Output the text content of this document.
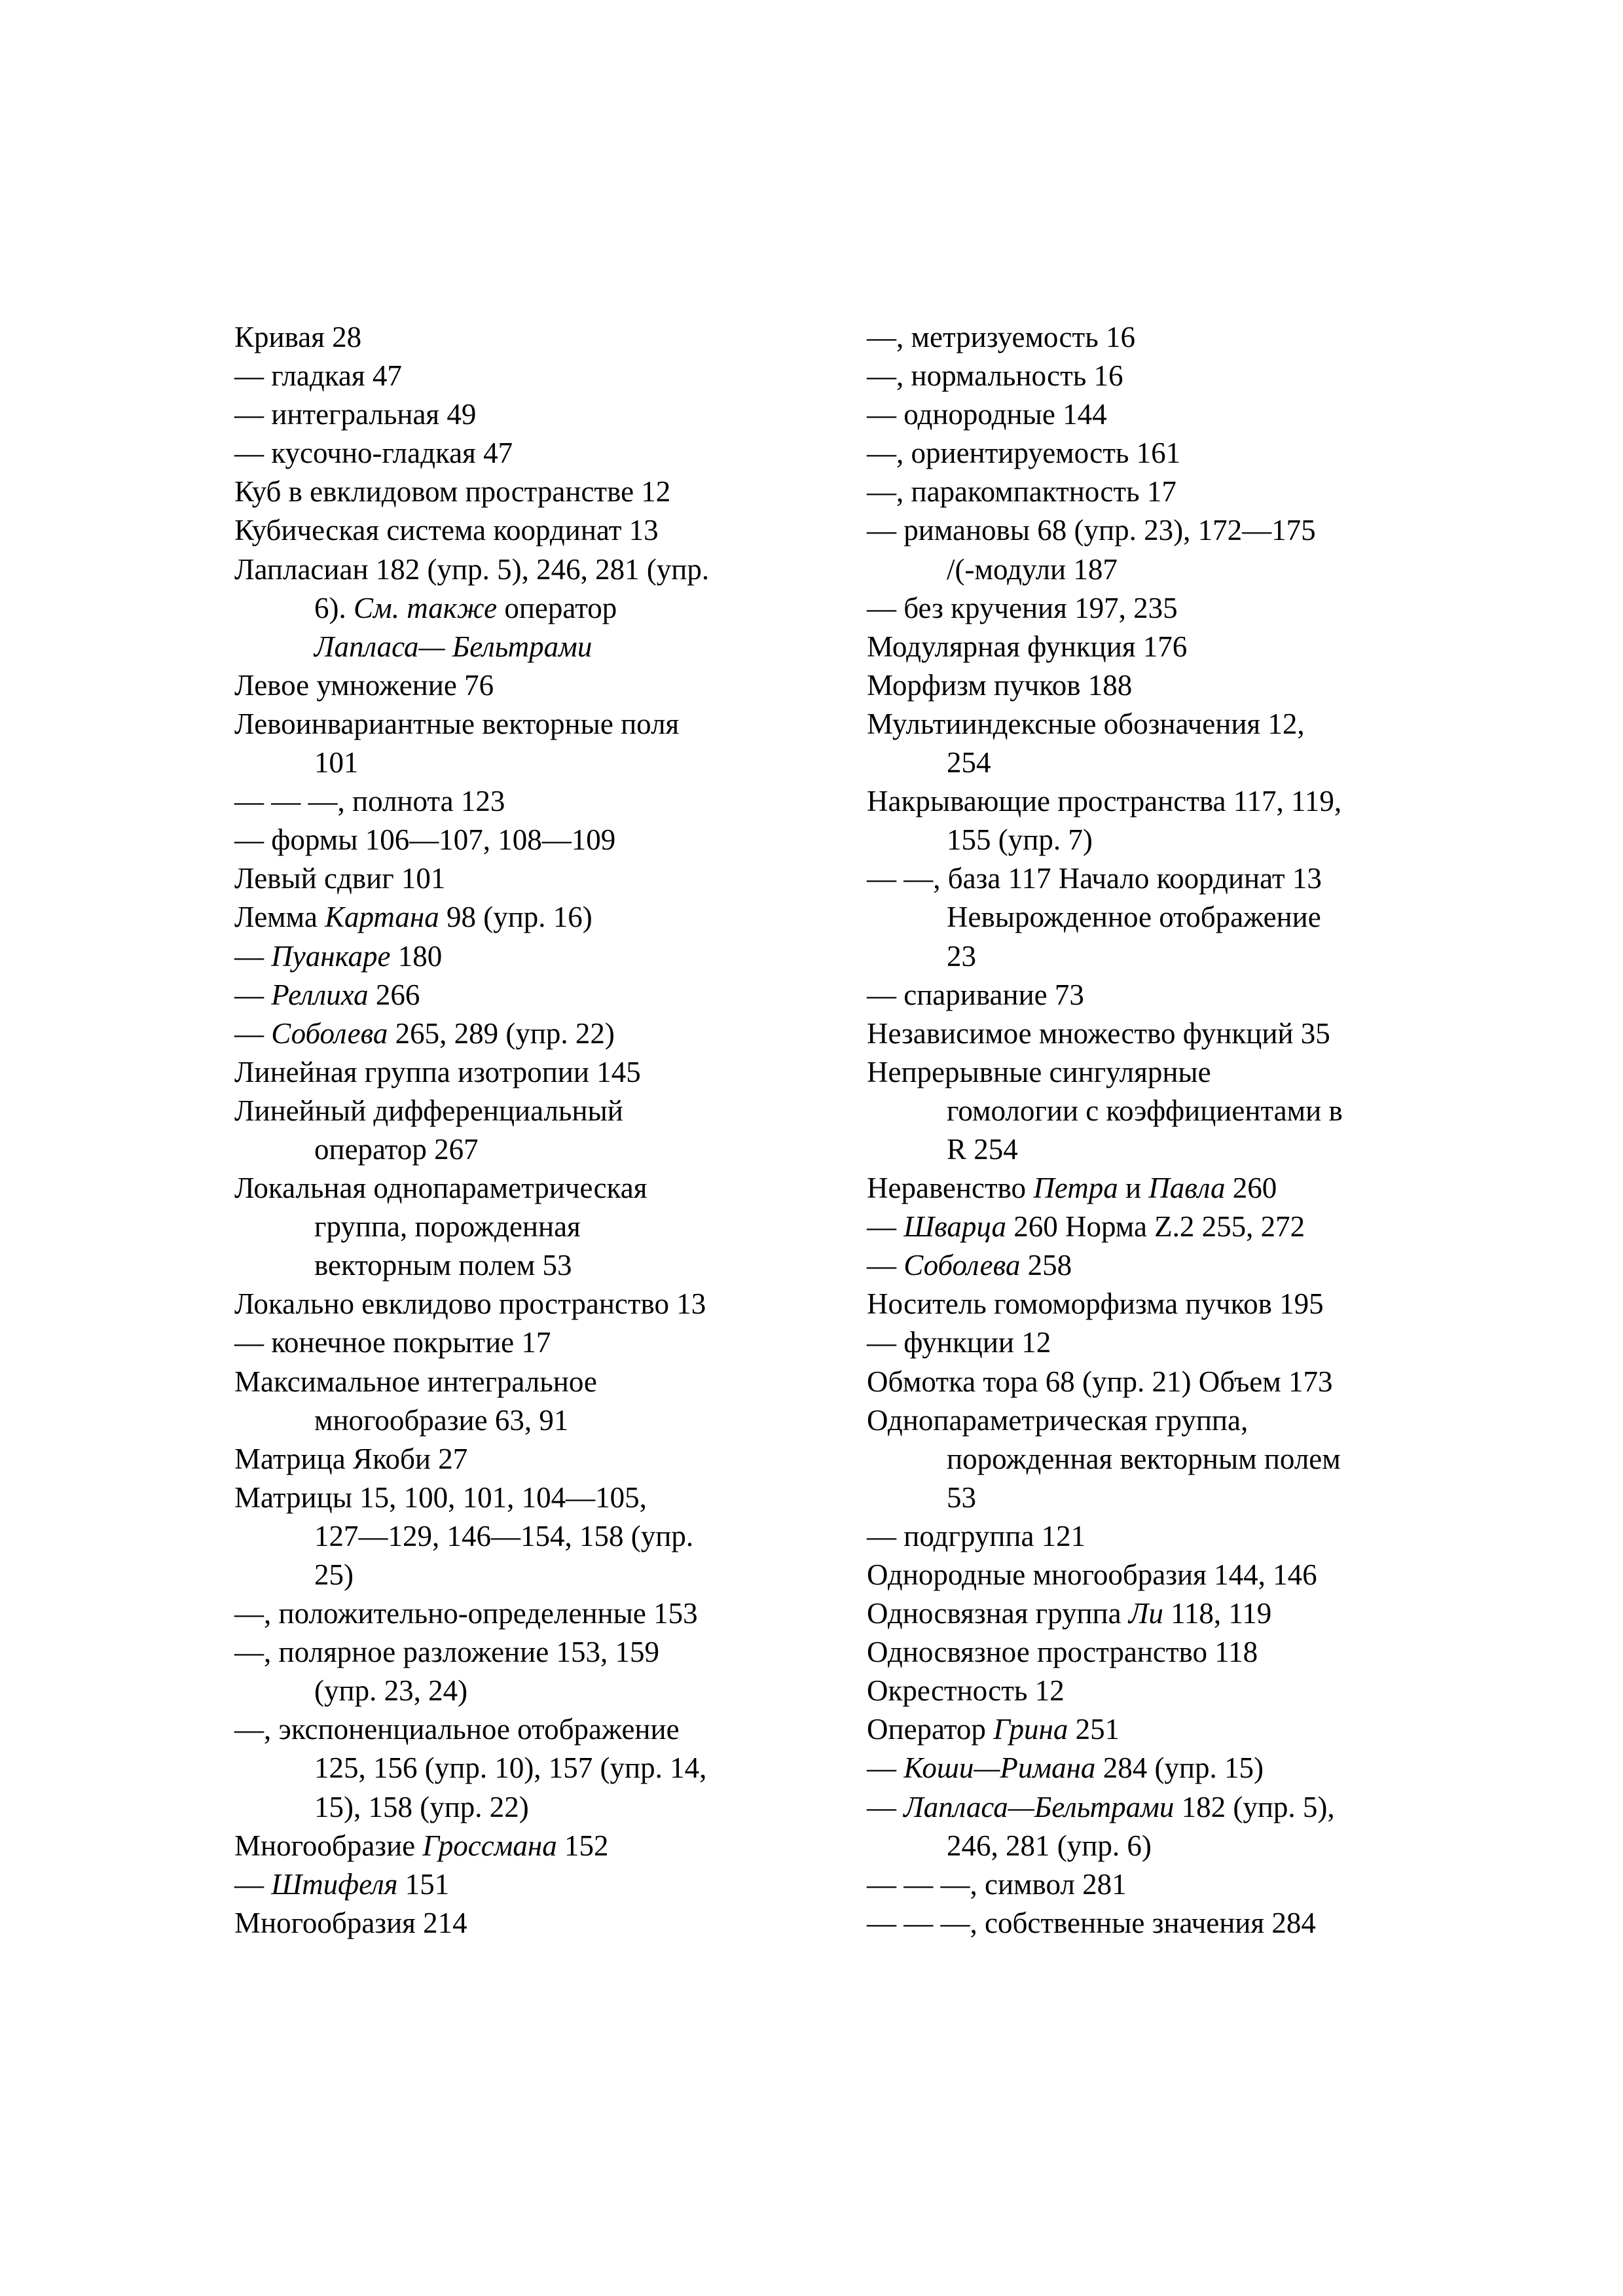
Кривая 28
— гладкая 47
— интегральная 49
— кусочно-гладкая 47
Куб в евклидовом пространстве 12
Кубическая система координат 13
Лапласиан 182 (упр. 5), 246, 281 (упр.
6). См. также оператор
Лапласа— Бельтрами
Левое умножение 76
Левоинвариантные векторные поля
101
— — —, полнота 123
— формы 106—107, 108—109
Левый сдвиг 101
Лемма Картана 98 (упр. 16)
— Пуанкаре 180
— Реллиха 266
— Соболева 265, 289 (упр. 22)
Линейная группа изотропии 145
Линейный дифференциальный
оператор 267
Локальная однопараметрическая
группа, порожденная
векторным полем 53
Локально евклидово пространство 13
— конечное покрытие 17
Максимальное интегральное
многообразие 63, 91
Матрица Якоби 27
Матрицы 15, 100, 101, 104—105,
127—129, 146—154, 158 (упр.
25)
—, положительно-определенные 153
—, полярное разложение 153, 159
(упр. 23, 24)
—, экспоненциальное отображение
125, 156 (упр. 10), 157 (упр. 14,
15), 158 (упр. 22)
Многообразие Гроссмана 152
— Штифеля 151
Многообразия 214
—, метризуемость 16
—, нормальность 16
— однородные 144
—, ориентируемость 161
—, паракомпактность 17
— римановы 68 (упр. 23), 172—175
/(-модули 187
— без кручения 197, 235
Модулярная функция 176
Морфизм пучков 188
Мультииндексные обозначения 12,
254
Накрывающие пространства 117, 119,
155 (упр. 7)
— —, база 117 Начало координат 13
Невырожденное отображение
23
— спаривание 73
Независимое множество функций 35
Непрерывные сингулярные
гомологии с коэффициентами в
R 254
Неравенство Петра и Павла 260
— Шварца 260 Норма Z.2 255, 272
— Соболева 258
Носитель гомоморфизма пучков 195
— функции 12
Обмотка тора 68 (упр. 21) Объем 173
Однопараметрическая группа,
порожденная векторным полем
53
— подгруппа 121
Однородные многообразия 144, 146
Односвязная группа Ли 118, 119
Односвязное пространство 118
Окрестность 12
Оператор Грина 251
— Коши—Римана 284 (упр. 15)
— Лапласа—Бельтрами 182 (упр. 5),
246, 281 (упр. 6)
— — —, символ 281
— — —, собственные значения 284
